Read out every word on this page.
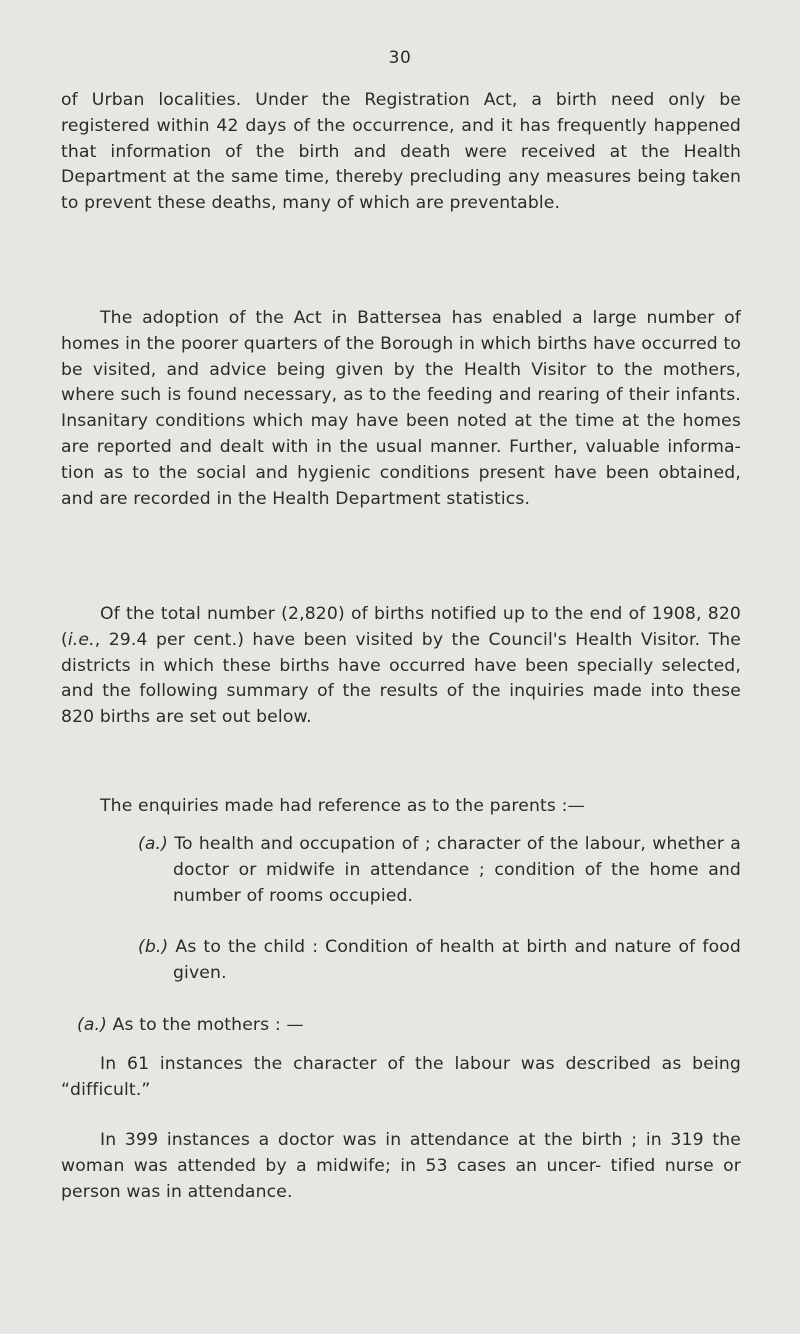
30

of Urban localities. Under the Registration Act, a birth need only be registered within 42 days of the occurrence, and it has frequently happened that information of the birth and death were received at the Health Department at the same time, thereby precluding any measures being taken to prevent these deaths, many of which are preventable.

The adoption of the Act in Battersea has enabled a large number of homes in the poorer quarters of the Borough in which births have occurred to be visited, and advice being given by the Health Visitor to the mothers, where such is found necessary, as to the feeding and rearing of their infants. Insanitary conditions which may have been noted at the time at the homes are reported and dealt with in the usual manner. Further, valuable informa- tion as to the social and hygienic conditions present have been obtained, and are recorded in the Health Department statistics.

Of the total number (2,820) of births notified up to the end of 1908, 820 (i.e., 29.4 per cent.) have been visited by the Council's Health Visitor. The districts in which these births have occurred have been specially selected, and the following summary of the results of the inquiries made into these 820 births are set out below.

The enquiries made had reference as to the parents :—

(a.) To health and occupation of ; character of the labour, whether a doctor or midwife in attendance ; condition of the home and number of rooms occupied.

(b.) As to the child : Condition of health at birth and nature of food given.

(a.) As to the mothers : —

In 61 instances the character of the labour was described as being “difficult.”

In 399 instances a doctor was in attendance at the birth ; in 319 the woman was attended by a midwife; in 53 cases an uncer- tified nurse or person was in attendance.
